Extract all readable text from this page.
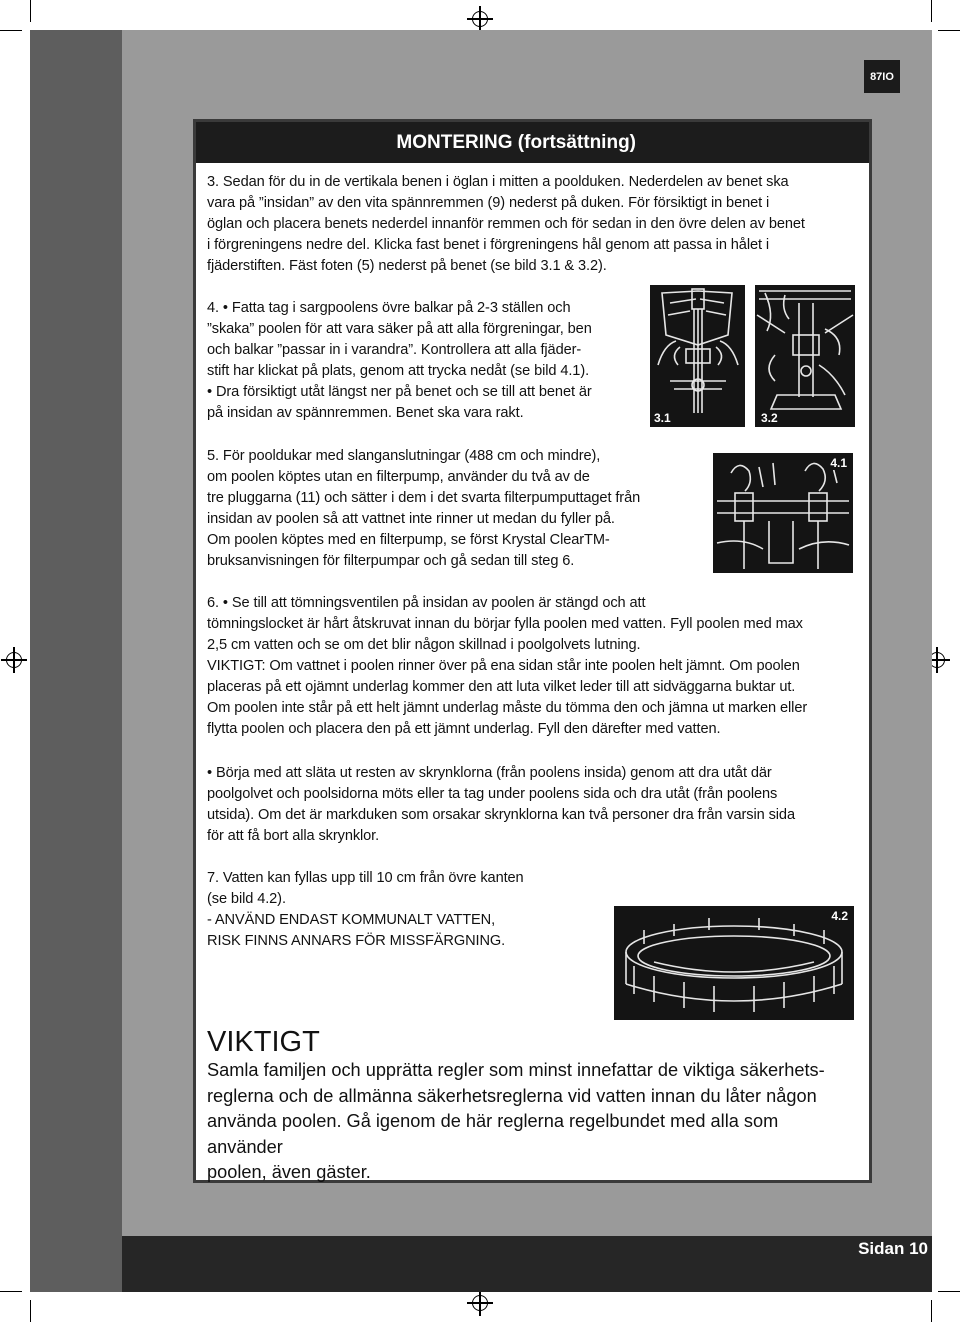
Sidan 10
87IO
MONTERING (fortsättning)
3. Sedan för du in de vertikala benen i öglan i mitten a poolduken. Nederdelen av benet ska
vara på ”insidan” av den vita spännremmen (9) nederst på duken. För försiktigt in benet i
öglan och placera benets nederdel innanför remmen och för sedan in den övre delen av benet
i förgreningens nedre del. Klicka fast benet i förgreningens hål genom att passa in hålet i
fjäderstiften. Fäst foten (5) nederst på benet (se bild 3.1 & 3.2).
4. • Fatta tag i sargpoolens övre balkar på 2-3 ställen och
”skaka” poolen för att vara säker på att alla förgreningar, ben
och balkar ”passar in i varandra”. Kontrollera att alla fjäder-
stift har klickat på plats, genom att trycka nedåt (se bild 4.1).
• Dra försiktigt utåt längst ner på benet och se till att benet är
på insidan av spännremmen. Benet ska vara rakt.	3.1	3.2
5. För pooldukar med slanganslutningar (488 cm och mindre),
om poolen köptes utan en filterpump, använder du två av de
tre pluggarna (11) och sätter i dem i det svarta filterpumputtaget från
insidan av poolen så att vattnet inte rinner ut medan du fyller på.
Om poolen köptes med en filterpump, se först Krystal ClearTM-
bruksanvisningen för filterpumpar och gå sedan till steg 6.
4.1
6. • Se till att tömningsventilen på insidan av poolen är stängd och att
tömningslocket är hårt åtskruvat innan du börjar fylla poolen med vatten. Fyll poolen med max
2,5 cm vatten och se om det blir någon skillnad i poolgolvets lutning.
VIKTIGT: Om vattnet i poolen rinner över på ena sidan står inte poolen helt jämnt. Om poolen
placeras på ett ojämnt underlag kommer den att luta vilket leder till att sidväggarna buktar ut.
Om poolen inte står på ett helt jämnt underlag måste du tömma den och jämna ut marken eller
flytta poolen och placera den på ett jämnt underlag. Fyll den därefter med vatten.
• Börja med att släta ut resten av skrynklorna (från poolens insida) genom att dra utåt där
poolgolvet och poolsidorna möts eller ta tag under poolens sida och dra utåt (från poolens
utsida). Om det är markduken som orsakar skrynklorna kan två personer dra från varsin sida
för att få bort alla skrynklor.
7. Vatten kan fyllas upp till 10 cm från övre kanten
(se bild 4.2).
- ANVÄND ENDAST KOMMUNALT VATTEN,
RISK FINNS ANNARS FÖR MISSFÄRGNING.
4.2
VIKTIGT
Samla familjen och upprätta regler som minst innefattar de viktiga säkerhets-
reglerna och de allmänna säkerhetsreglerna vid vatten innan du låter någon
använda poolen. Gå igenom de här reglerna regelbundet med alla som använder
poolen, även gäster.
